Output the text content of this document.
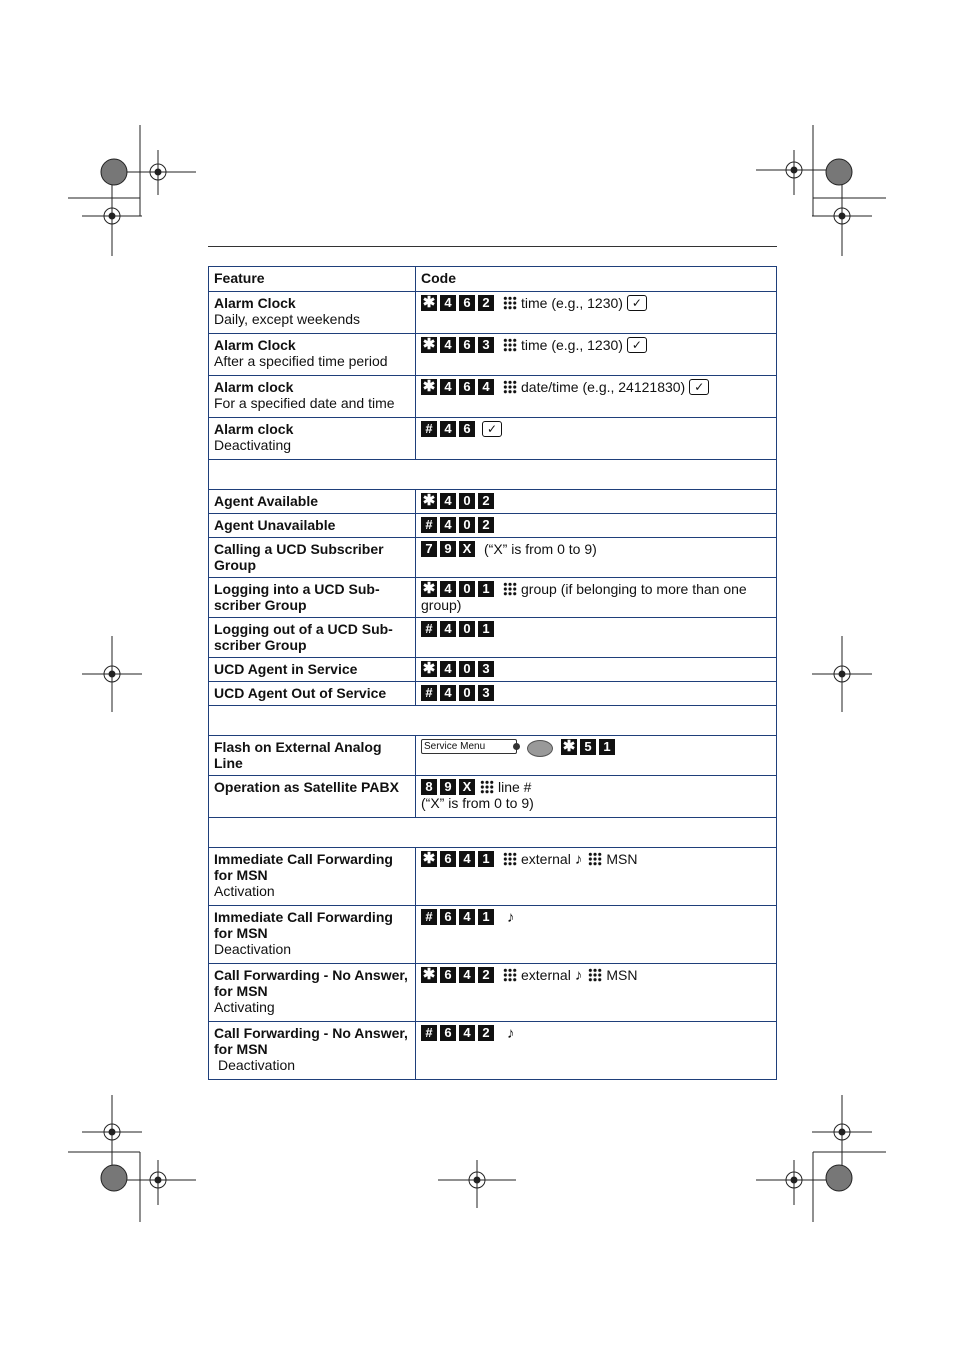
Feature	Code

Alarm Clock
Daily, except weekends	✱ 4 6 2 time (e.g., 1230) ✓

Alarm Clock
After a specified time period	✱ 4 6 3 time (e.g., 1230) ✓

Alarm clock
For a specified date and time	✱ 4 6 4 date/time (e.g., 24121830) ✓

Alarm clock
Deactivating	# 4 6 ✓

Agent Available	✱ 4 0 2

Agent Unavailable	# 4 0 2

Calling a UCD Subscriber Group	7 9 X (“X” is from 0 to 9)

Logging into a UCD Sub-scriber Group	✱ 4 0 1 group (if belonging to more than one group)

Logging out of a UCD Sub-scriber Group	# 4 0 1

UCD Agent in Service	✱ 4 0 3

UCD Agent Out of Service	# 4 0 3

Flash on External Analog Line	Service Menu ✱ 5 1

Operation as Satellite PABX	8 9 X line #
(“X” is from 0 to 9)

Immediate Call Forwarding for MSN
Activation	✱ 6 4 1 external ♪ MSN

Immediate Call Forwarding for MSN
Deactivation	# 6 4 1 ♪

Call Forwarding - No Answer, for MSN
Activating	✱ 6 4 2 external ♪ MSN

Call Forwarding - No Answer, for MSN
Deactivation	# 6 4 2 ♪
